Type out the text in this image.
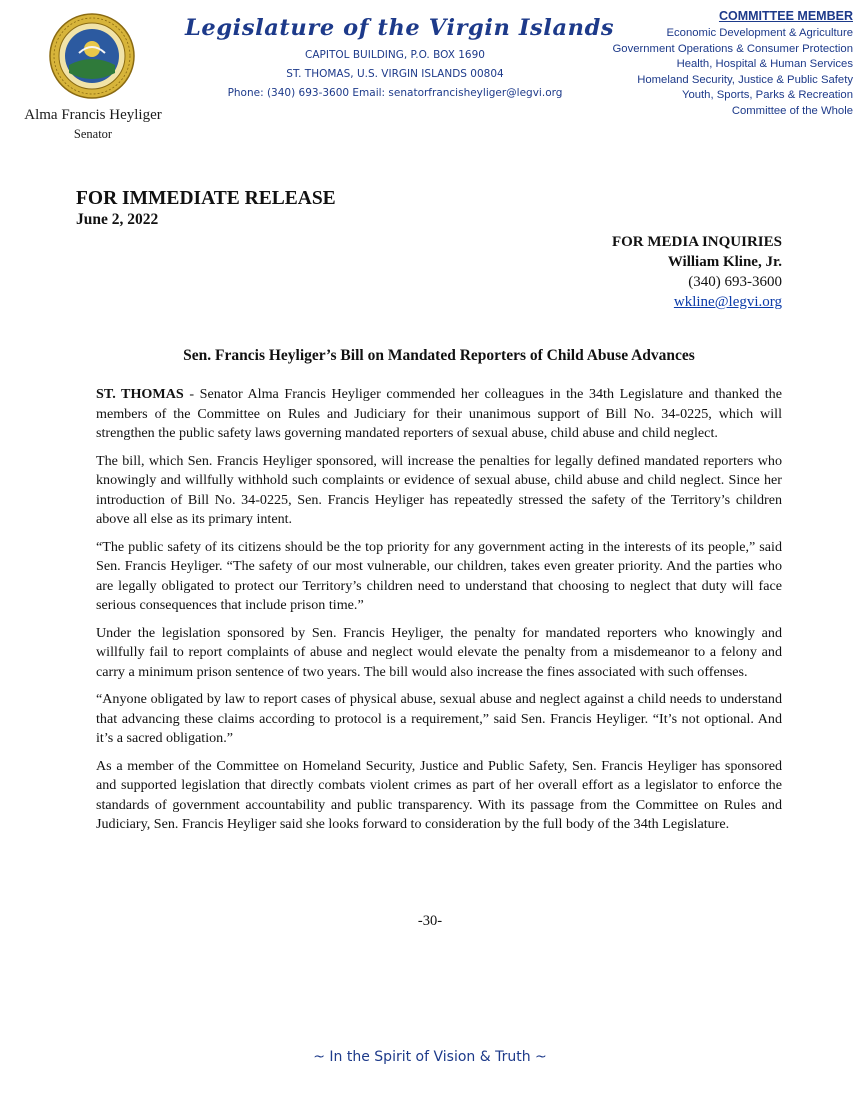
Alma Francis Heyliger
Senator
Legislature of the Virgin Islands
CAPITOL BUILDING, P.O. BOX 1690
ST. THOMAS, U.S. VIRGIN ISLANDS 00804
Phone: (340) 693-3600 Email: senatorfrancisheyliger@legvi.org
COMMITTEE MEMBER
Economic Development & Agriculture
Government Operations & Consumer Protection
Health, Hospital & Human Services
Homeland Security, Justice & Public Safety
Youth, Sports, Parks & Recreation
Committee of the Whole
FOR IMMEDIATE RELEASE
June 2, 2022
FOR MEDIA INQUIRIES
William Kline, Jr.
(340) 693-3600
wkline@legvi.org
Sen. Francis Heyliger’s Bill on Mandated Reporters of Child Abuse Advances

ST. THOMAS - Senator Alma Francis Heyliger commended her colleagues in the 34th Legislature and thanked the members of the Committee on Rules and Judiciary for their unanimous support of Bill No. 34-0225, which will strengthen the public safety laws governing mandated reporters of sexual abuse, child abuse and child neglect.

The bill, which Sen. Francis Heyliger sponsored, will increase the penalties for legally defined mandated reporters who knowingly and willfully withhold such complaints or evidence of sexual abuse, child abuse and child neglect. Since her introduction of Bill No. 34-0225, Sen. Francis Heyliger has repeatedly stressed the safety of the Territory’s children above all else as its primary intent.

“The public safety of its citizens should be the top priority for any government acting in the interests of its people,” said Sen. Francis Heyliger. “The safety of our most vulnerable, our children, takes even greater priority. And the parties who are legally obligated to protect our Territory’s children need to understand that choosing to neglect that duty will face serious consequences that include prison time.”

Under the legislation sponsored by Sen. Francis Heyliger, the penalty for mandated reporters who knowingly and willfully fail to report complaints of abuse and neglect would elevate the penalty from a misdemeanor to a felony and carry a minimum prison sentence of two years. The bill would also increase the fines associated with such offenses.

“Anyone obligated by law to report cases of physical abuse, sexual abuse and neglect against a child needs to understand that advancing these claims according to protocol is a requirement,” said Sen. Francis Heyliger. “It’s not optional. And it’s a sacred obligation.”

As a member of the Committee on Homeland Security, Justice and Public Safety, Sen. Francis Heyliger has sponsored and supported legislation that directly combats violent crimes as part of her overall effort as a legislator to enforce the standards of government accountability and public transparency. With its passage from the Committee on Rules and Judiciary, Sen. Francis Heyliger said she looks forward to consideration by the full body of the 34th Legislature.

-30-
~ In the Spirit of Vision & Truth ~
